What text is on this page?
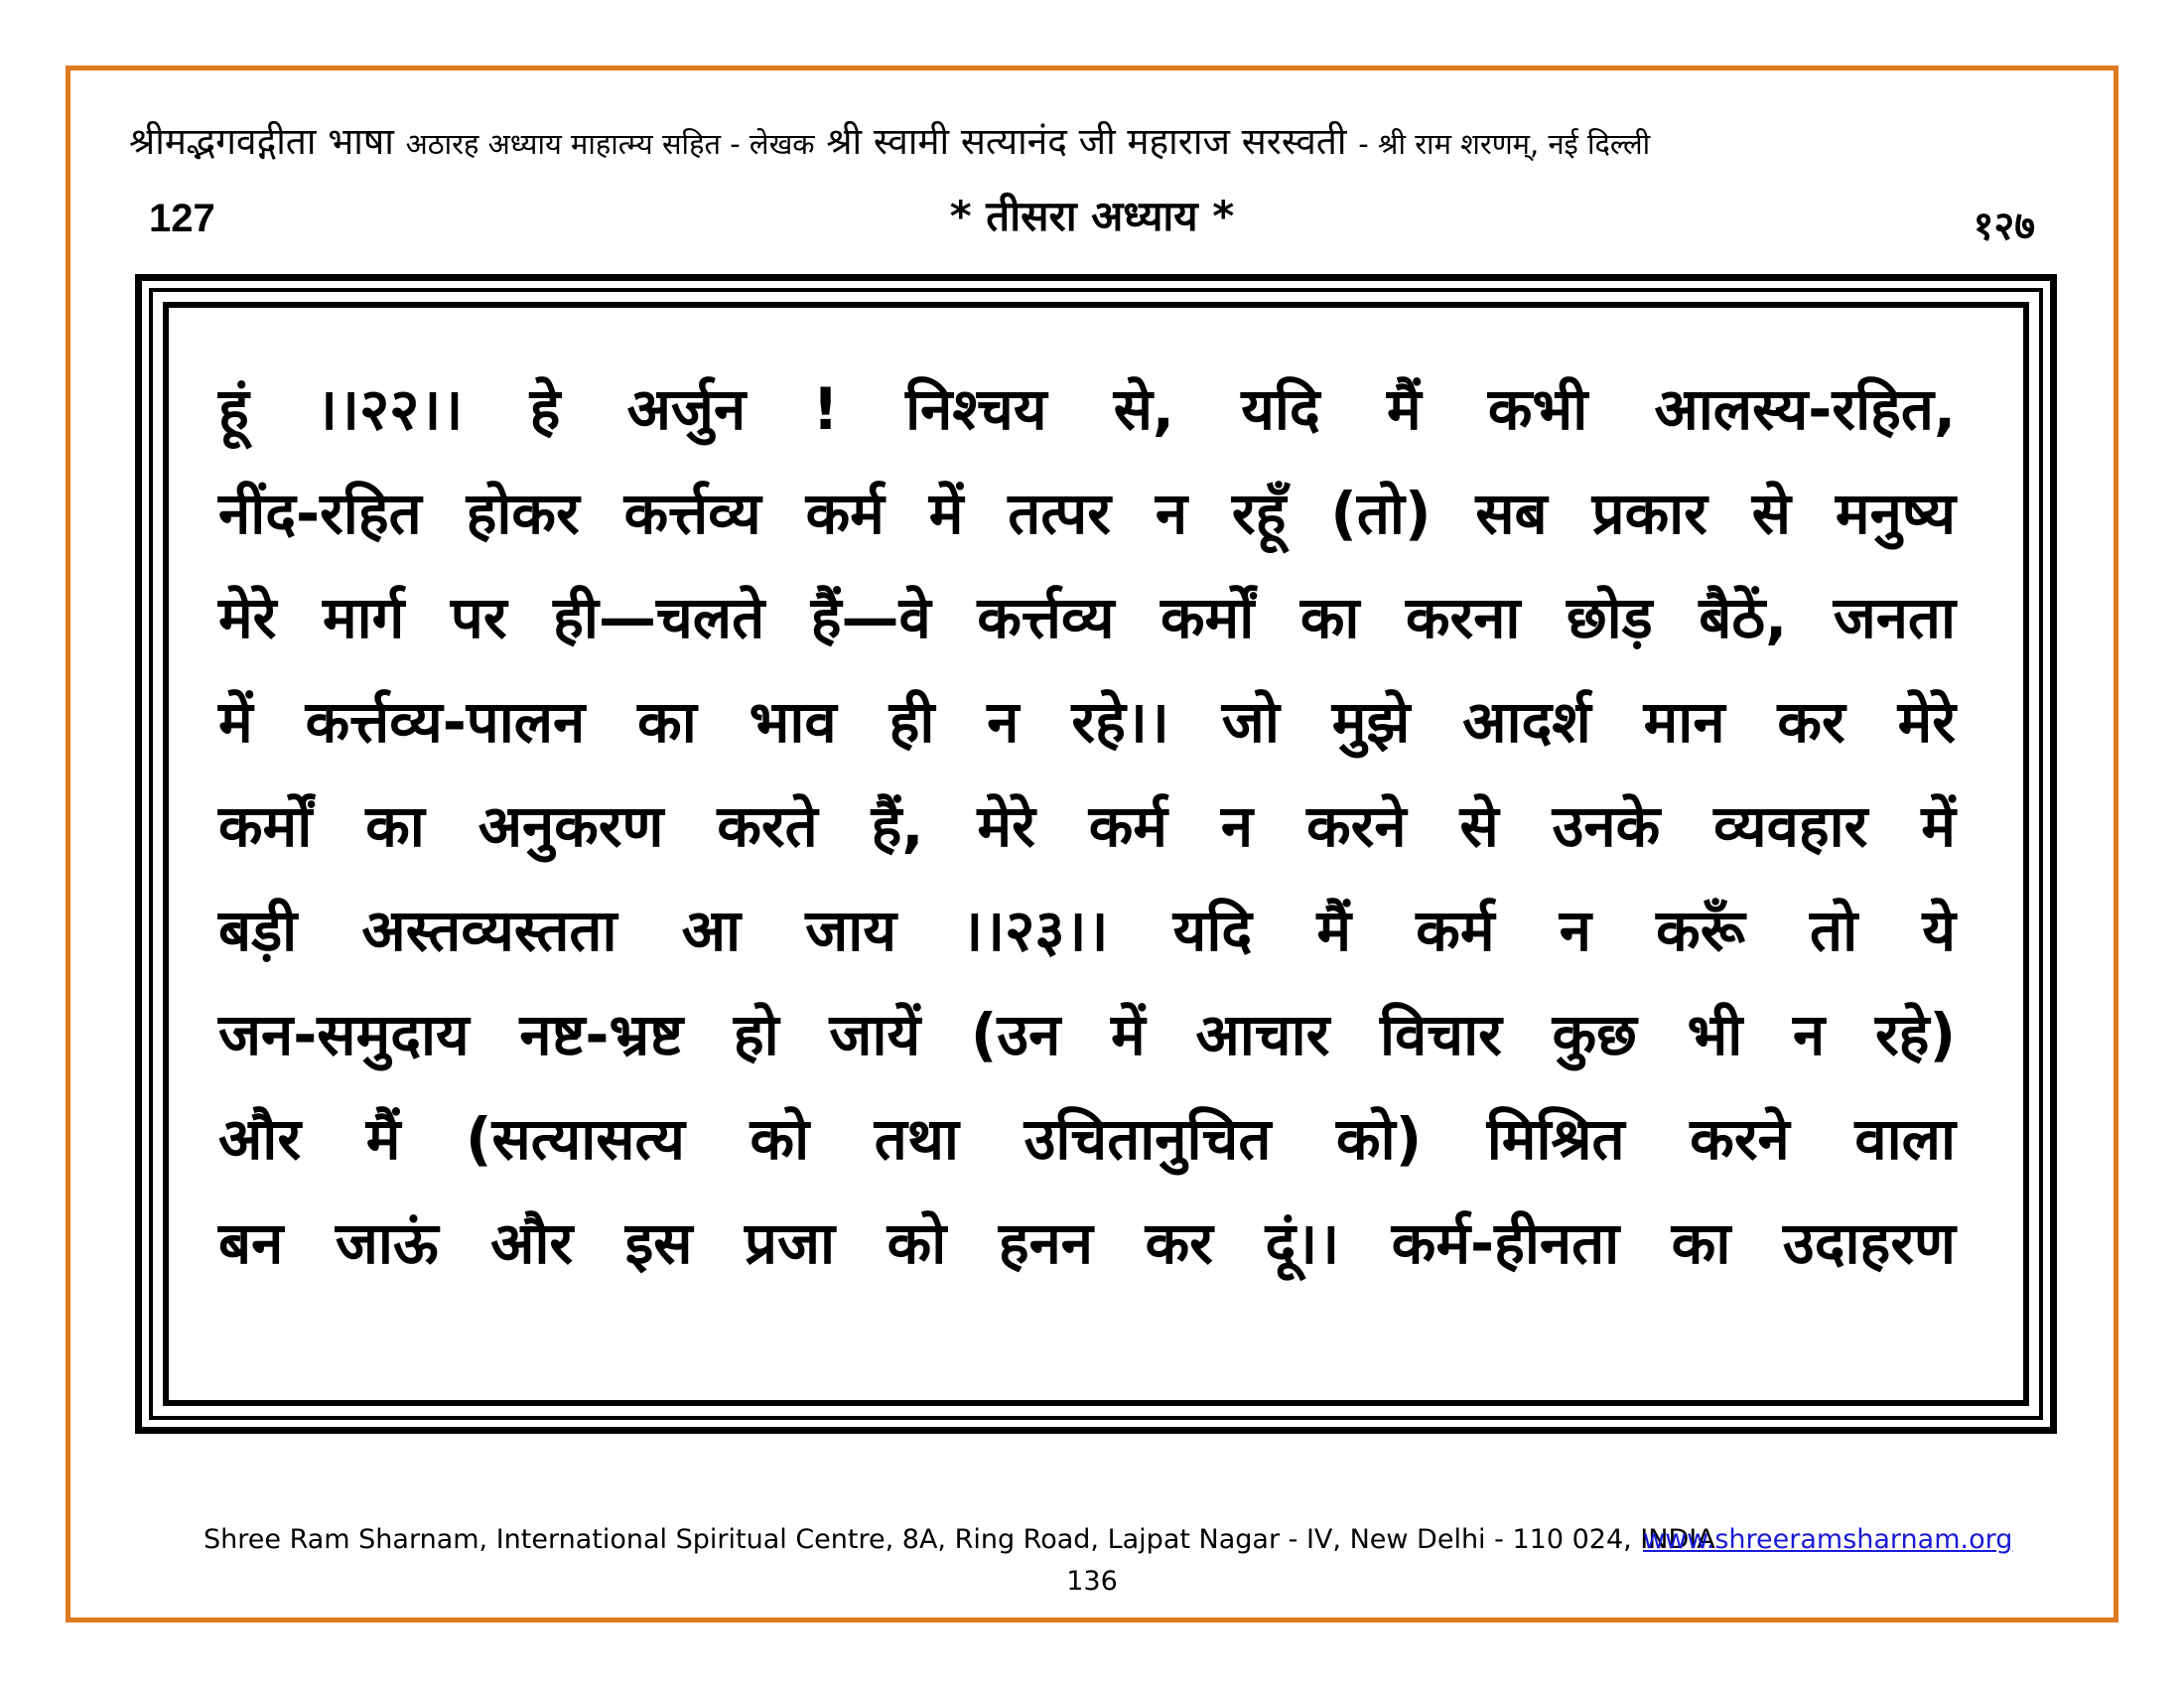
श्रीमद्भगवद्गीता भाषा अठारह अध्याय माहात्म्य सहित - लेखक श्री स्वामी सत्यानंद जी महाराज सरस्वती - श्री राम शरणम्, नई दिल्ली
127	* तीसरा अध्याय *	१२७
हूं ।।२२।। हे अर्जुन ! निश्चय से, यदि मैं कभी आलस्य-रहित,
नींद-रहित होकर कर्त्तव्य कर्म में तत्पर न रहूँ (तो) सब प्रकार से मनुष्य
मेरे मार्ग पर ही—चलते हैं—वे कर्त्तव्य कर्मों का करना छोड़ बैठें, जनता
में कर्त्तव्य-पालन का भाव ही न रहे।। जो मुझे आदर्श मान कर मेरे
कर्मों का अनुकरण करते हैं, मेरे कर्म न करने से उनके व्यवहार में
बड़ी अस्तव्यस्तता आ जाय ।।२३।। यदि मैं कर्म न करूँ तो ये
जन-समुदाय नष्ट-भ्रष्ट हो जायें (उन में आचार विचार कुछ भी न रहे)
और मैं (सत्यासत्य को तथा उचितानुचित को) मिश्रित करने वाला
बन जाऊं और इस प्रजा को हनन कर दूं।। कर्म-हीनता का उदाहरण
Shree Ram Sharnam, International Spiritual Centre, 8A, Ring Road, Lajpat Nagar - IV, New Delhi - 110 024, INDIA
www.shreeramsharnam.org
136
